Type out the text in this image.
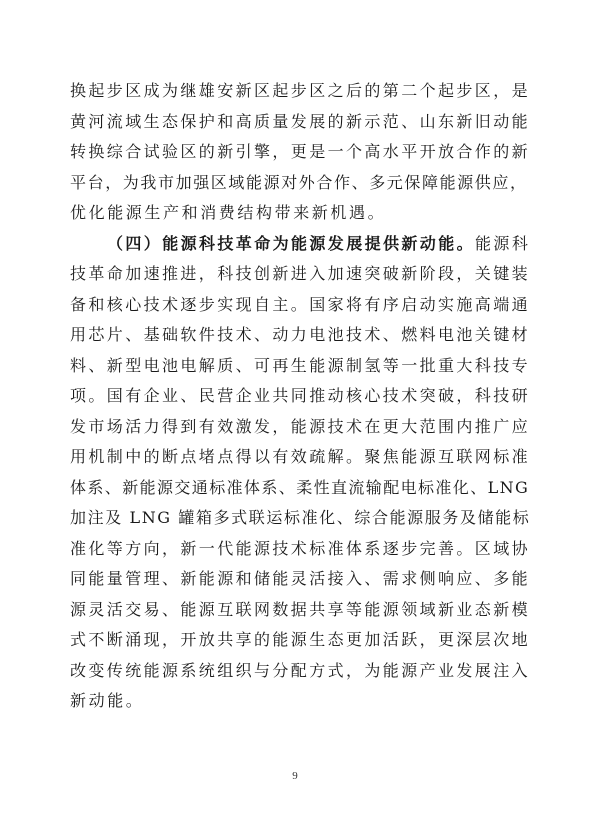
换起步区成为继雄安新区起步区之后的第二个起步区，是
黄河流域生态保护和高质量发展的新示范、山东新旧动能
转换综合试验区的新引擎，更是一个高水平开放合作的新
平台，为我市加强区域能源对外合作、多元保障能源供应，
优化能源生产和消费结构带来新机遇。
（四）能源科技革命为能源发展提供新动能。能源科
技革命加速推进，科技创新进入加速突破新阶段，关键装
备和核心技术逐步实现自主。国家将有序启动实施高端通
用芯片、基础软件技术、动力电池技术、燃料电池关键材
料、新型电池电解质、可再生能源制氢等一批重大科技专
项。国有企业、民营企业共同推动核心技术突破，科技研
发市场活力得到有效激发，能源技术在更大范围内推广应
用机制中的断点堵点得以有效疏解。聚焦能源互联网标准
体系、新能源交通标准体系、柔性直流输配电标准化、LNG
加注及 LNG 罐箱多式联运标准化、综合能源服务及储能标
准化等方向，新一代能源技术标准体系逐步完善。区域协
同能量管理、新能源和储能灵活接入、需求侧响应、多能
源灵活交易、能源互联网数据共享等能源领域新业态新模
式不断涌现，开放共享的能源生态更加活跃，更深层次地
改变传统能源系统组织与分配方式，为能源产业发展注入
新动能。
9
